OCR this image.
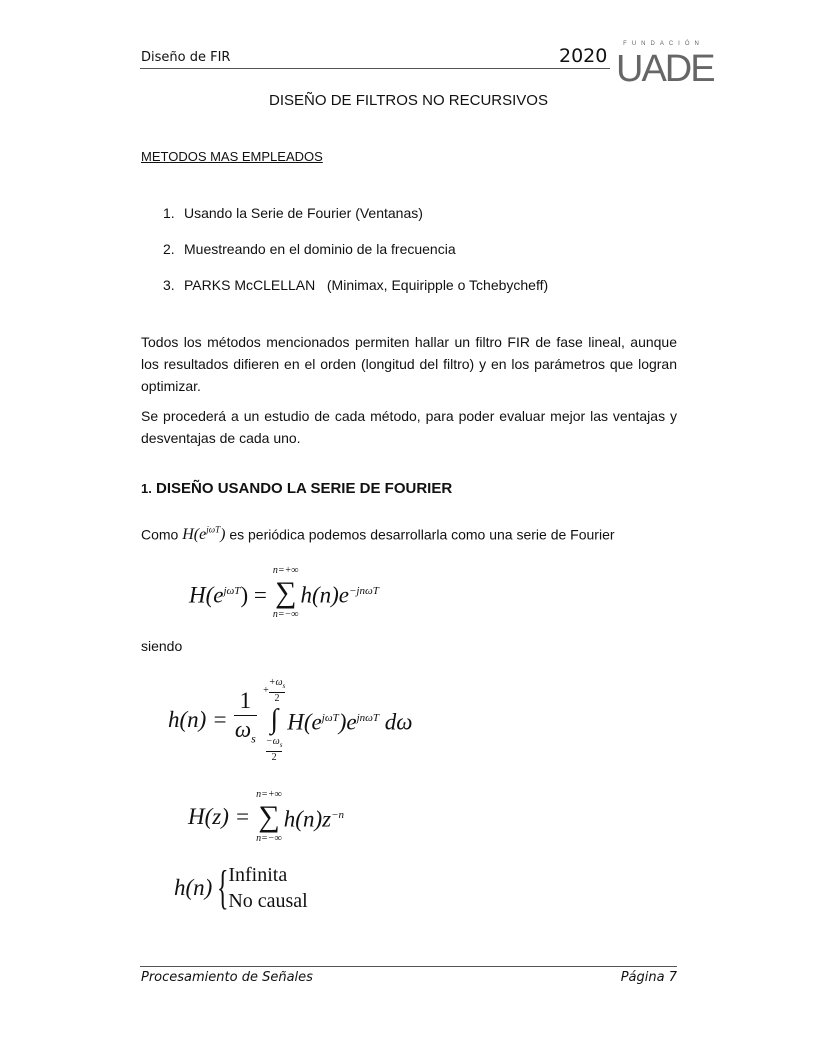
Diseño de FIR	2020
FUNDACIÓN
UADE
DISEÑO DE FILTROS NO RECURSIVOS
METODOS MAS EMPLEADOS
1. Usando la Serie de Fourier (Ventanas)
2. Muestreando en el dominio de la frecuencia
3. PARKS McCLELLAN   (Minimax, Equiripple o Tchebycheff)
Todos los métodos mencionados permiten hallar un filtro FIR de fase lineal, aunque los resultados difieren en el orden (longitud del filtro) y en los parámetros que logran optimizar.
Se procederá a un estudio de cada método, para poder evaluar mejor las ventajas y desventajas de cada uno.
1. DISEÑO USANDO LA SERIE DE FOURIER
Como $H(e^{j\omega T})$ es periódica podemos desarrollarla como una serie de Fourier
$H(e^{j\omega T})$ =
n=+∞
∑
n=−∞
$h(n)e^{-jn\omega T}$
siendo
$h(n) = \frac{1}{\omega_s} + \frac{+\omega_s}{2}$
∫
$-\omega_s$
2
$H(e^{j\omega T})e^{jn\omega T}$ dω
H(z) =
n=+∞
∑
n=−∞
$h(n)z^{-n}$
h(n) { Infinita
No causal
Procesamiento de Señales	Página 7
